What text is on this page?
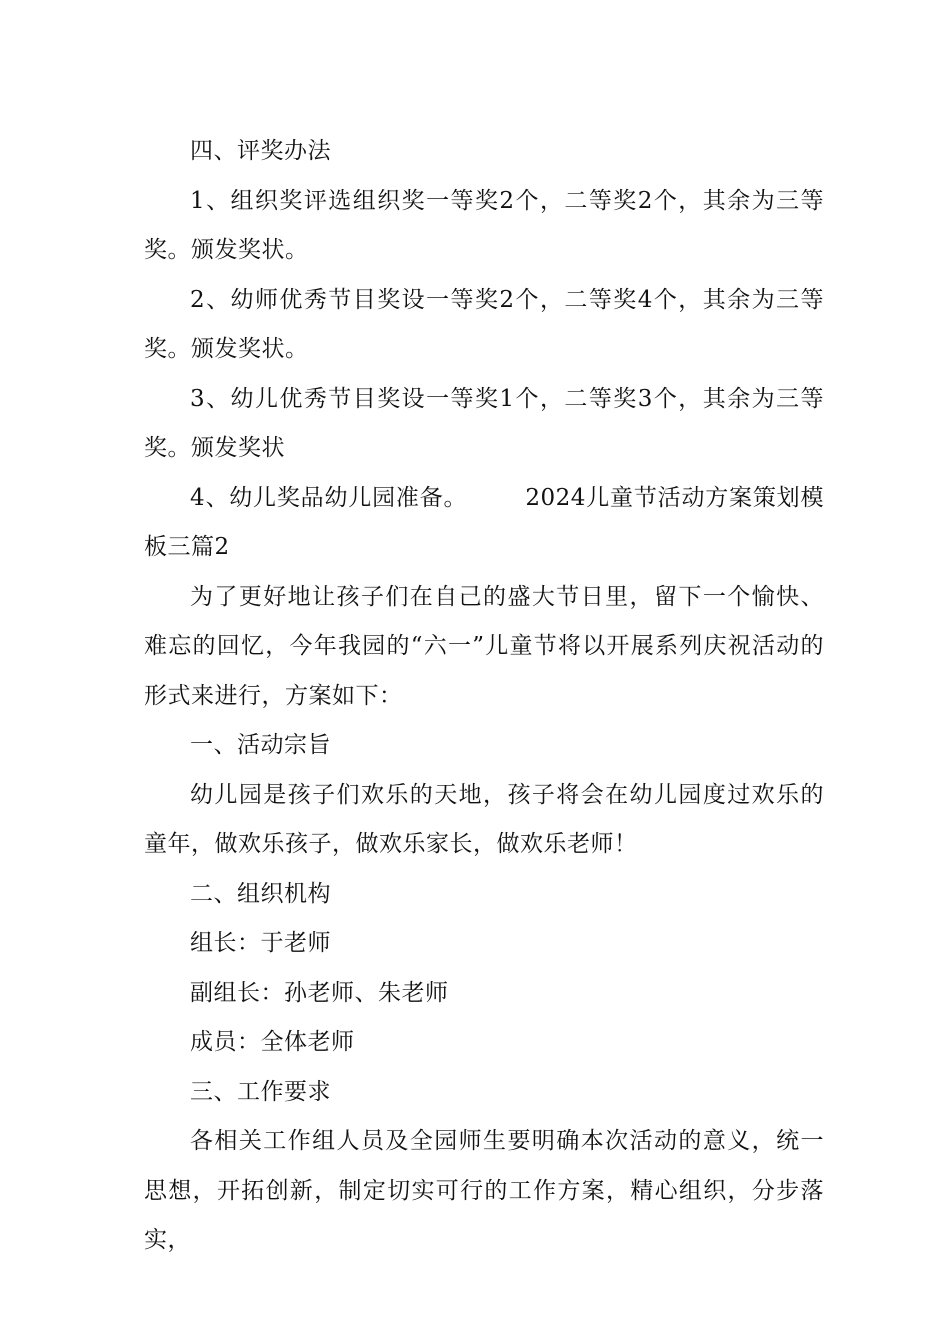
四、评奖办法

1、组织奖评选组织奖一等奖2个，二等奖2个，其余为三等奖。颁发奖状。

2、幼师优秀节目奖设一等奖2个，二等奖4个，其余为三等奖。颁发奖状。

3、幼儿优秀节目奖设一等奖1个，二等奖3个，其余为三等奖。颁发奖状

4、幼儿奖品幼儿园准备。	2024儿童节活动方案策划模板三篇2

为了更好地让孩子们在自己的盛大节日里，留下一个愉快、难忘的回忆，今年我园的“六一”儿童节将以开展系列庆祝活动的形式来进行，方案如下：

一、活动宗旨

幼儿园是孩子们欢乐的天地，孩子将会在幼儿园度过欢乐的童年，做欢乐孩子，做欢乐家长，做欢乐老师！

二、组织机构

组长：于老师

副组长：孙老师、朱老师

成员：全体老师

三、工作要求

各相关工作组人员及全园师生要明确本次活动的意义，统一思想，开拓创新，制定切实可行的工作方案，精心组织，分步落实，
